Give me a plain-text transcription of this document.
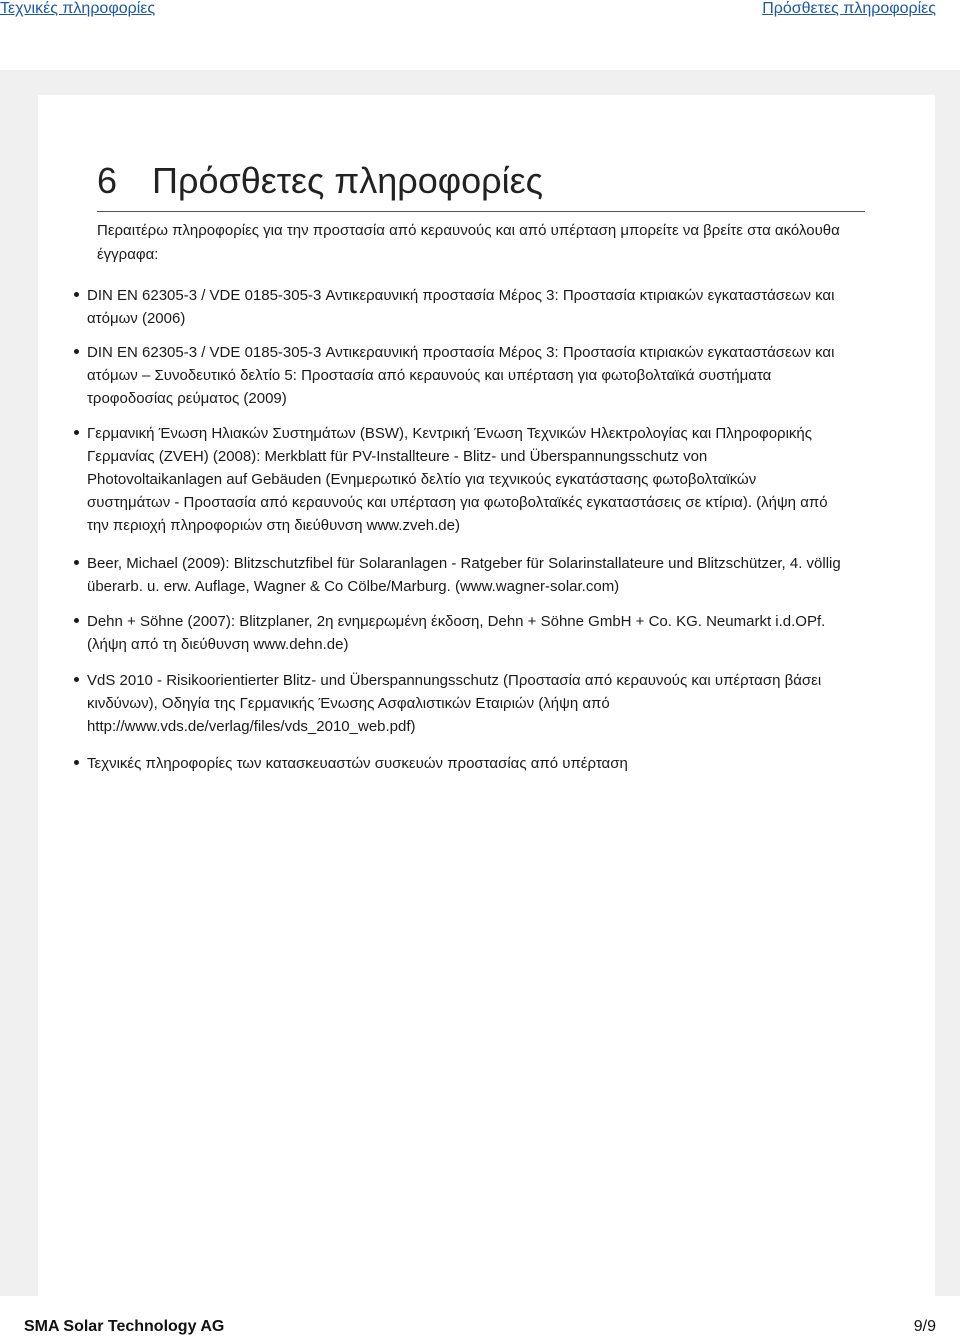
Τεχνικές πληροφορίες	Πρόσθετες πληροφορίες
6 Πρόσθετες πληροφορίες

Περαιτέρω πληροφορίες για την προστασία από κεραυνούς και από υπέρταση μπορείτε να βρείτε στα ακόλουθα έγγραφα:

DIN EN 62305-3 / VDE 0185-305-3 Αντικεραυνική προστασία Μέρος 3: Προστασία κτιριακών εγκαταστάσεων και ατόμων (2006)
DIN EN 62305-3 / VDE 0185-305-3 Αντικεραυνική προστασία Μέρος 3: Προστασία κτιριακών εγκαταστάσεων και ατόμων – Συνοδευτικό δελτίο 5: Προστασία από κεραυνούς και υπέρταση για φωτοβολταϊκά συστήματα τροφοδοσίας ρεύματος (2009)
Γερμανική Ένωση Ηλιακών Συστημάτων (BSW), Κεντρική Ένωση Τεχνικών Ηλεκτρολογίας και Πληροφορικής Γερμανίας (ZVEH) (2008): Merkblatt für PV-Installteure - Blitz- und Überspannungsschutz von Photovoltaikanlagen auf Gebäuden (Ενημερωτικό δελτίο για τεχνικούς εγκατάστασης φωτοβολταϊκών συστημάτων - Προστασία από κεραυνούς και υπέρταση για φωτοβολταϊκές εγκαταστάσεις σε κτίρια). (λήψη από την περιοχή πληροφοριών στη διεύθυνση www.zveh.de)
Beer, Michael (2009): Blitzschutzfibel für Solaranlagen - Ratgeber für Solarinstallateure und Blitzschützer, 4. völlig überarb. u. erw. Auflage, Wagner & Co Cölbe/Marburg. (www.wagner-solar.com)
Dehn + Söhne (2007): Blitzplaner, 2η ενημερωμένη έκδοση, Dehn + Söhne GmbH + Co. KG. Neumarkt i.d.OPf. (λήψη από τη διεύθυνση www.dehn.de)
VdS 2010 - Risikoorientierter Blitz- und Überspannungsschutz (Προστασία από κεραυνούς και υπέρταση βάσει κινδύνων), Οδηγία της Γερμανικής Ένωσης Ασφαλιστικών Εταιριών (λήψη από http://www.vds.de/verlag/files/vds_2010_web.pdf)
Τεχνικές πληροφορίες των κατασκευαστών συσκευών προστασίας από υπέρταση
SMA Solar Technology AG	9/9
